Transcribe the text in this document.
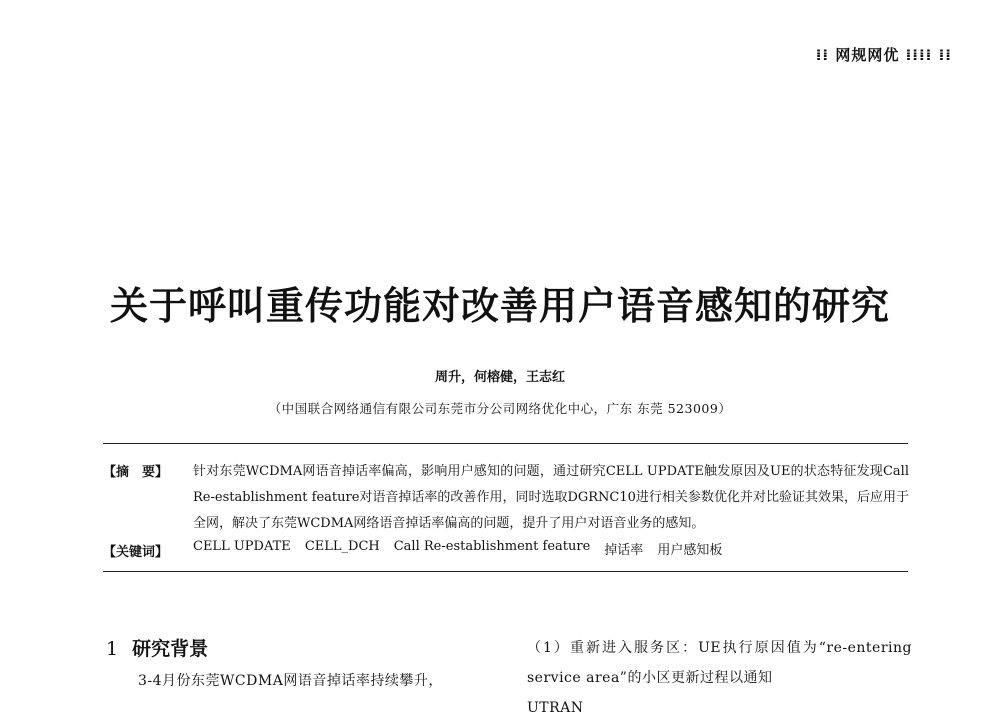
⁞⁞ 网规网优 ⁞⁞⁞⁞ ⁞⁞
关于呼叫重传功能对改善用户语音感知的研究
周升，何榕健，王志红
（中国联合网络通信有限公司东莞市分公司网络优化中心，广东 东莞 523009）
【摘　要】 针对东莞WCDMA网语音掉话率偏高，影响用户感知的问题，通过研究CELL UPDATE触发原因及UE的状态特征发现Call Re-establishment feature对语音掉话率的改善作用，同时选取DGRNC10进行相关参数优化并对比验证其效果，后应用于全网，解决了东莞WCDMA网络语音掉话率偏高的问题，提升了用户对语音业务的感知。
【关键词】 CELL UPDATE CELL_DCH Call Re-establishment feature 掉话率 用户感知板
1 研究背景
3-4月份东莞WCDMA网语音掉话率持续攀升，
（1）重新进入服务区：UE执行原因值为“re-entering service area”的小区更新过程以通知
UTRAN
